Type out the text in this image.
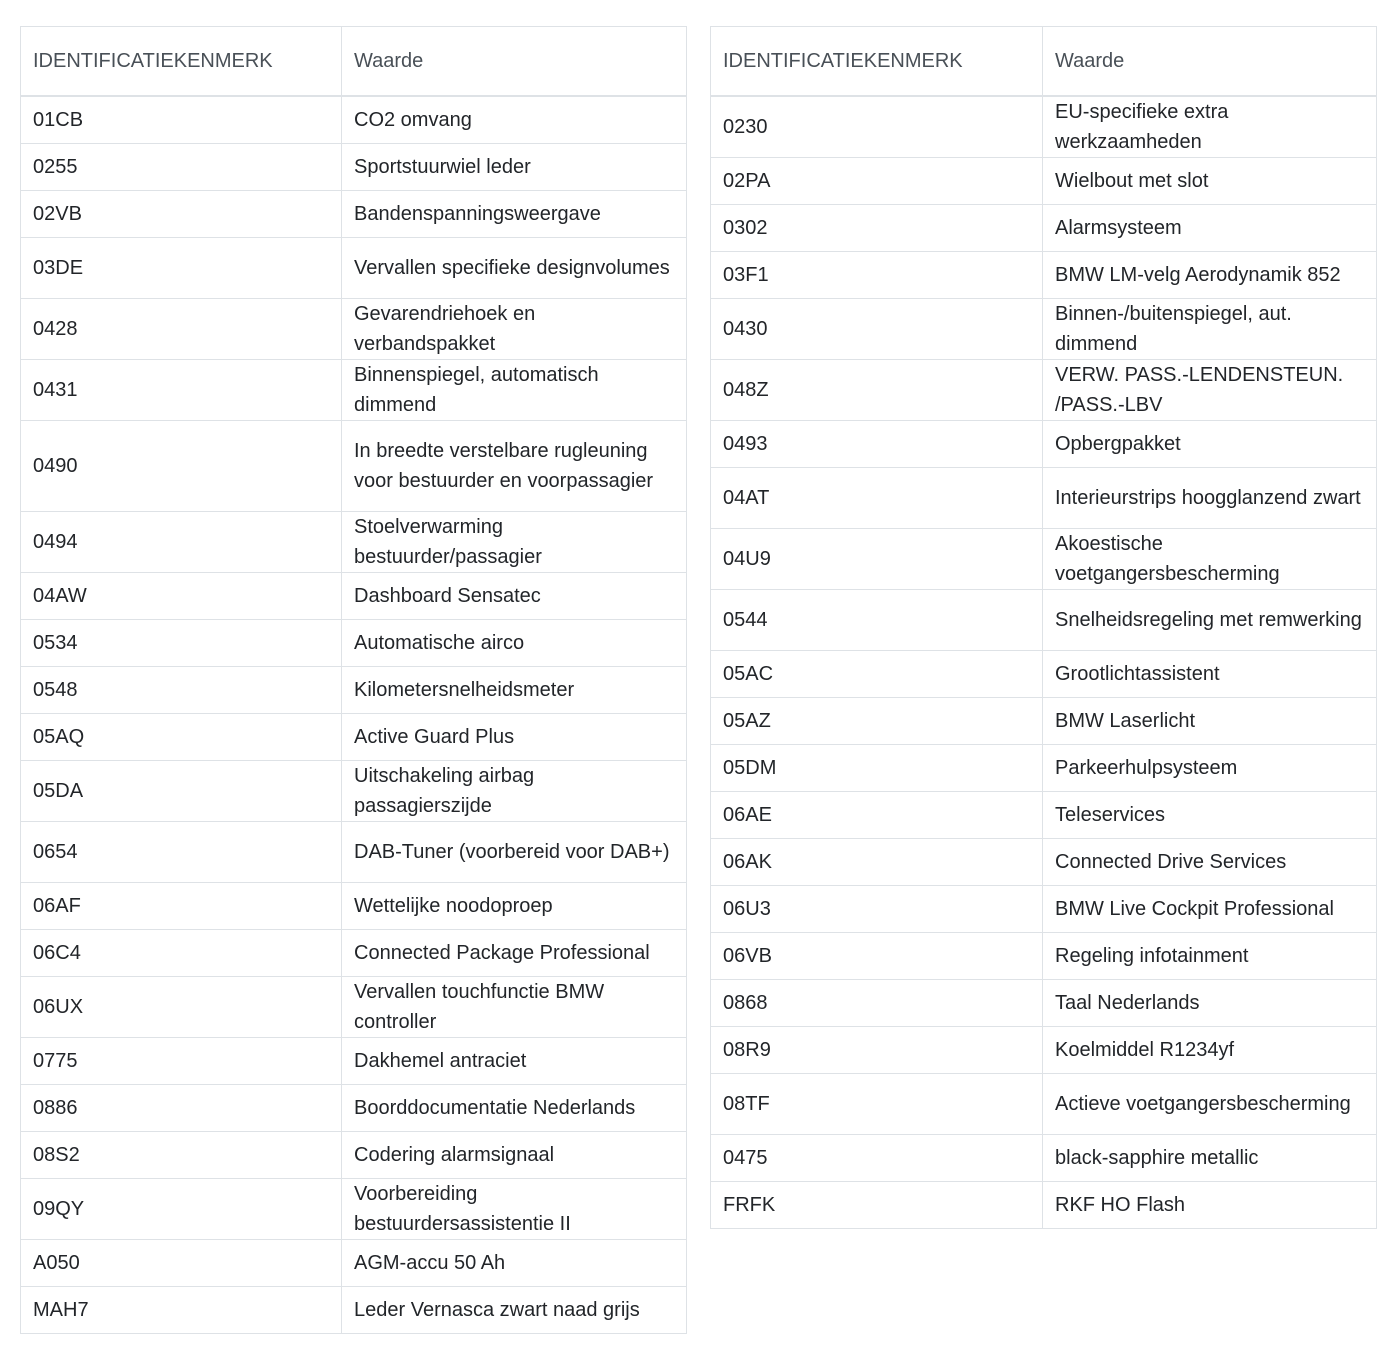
IDENTIFICATIEKENMERK	Waarde
01CB	CO2 omvang
0255	Sportstuurwiel leder
02VB	Bandenspanningsweergave
03DE	Vervallen specifieke designvolumes
0428	Gevarendriehoek en verbandspakket
0431	Binnenspiegel, automatisch dimmend
0490	In breedte verstelbare rugleuning voor bestuurder en voorpassagier
0494	Stoelverwarming bestuurder/passagier
04AW	Dashboard Sensatec
0534	Automatische airco
0548	Kilometersnelheidsmeter
05AQ	Active Guard Plus
05DA	Uitschakeling airbag passagierszijde
0654	DAB-Tuner (voorbereid voor DAB+)
06AF	Wettelijke noodoproep
06C4	Connected Package Professional
06UX	Vervallen touchfunctie BMW controller
0775	Dakhemel antraciet
0886	Boorddocumentatie Nederlands
08S2	Codering alarmsignaal
09QY	Voorbereiding bestuurdersassistentie II
A050	AGM-accu 50 Ah
MAH7	Leder Vernasca zwart naad grijs
IDENTIFICATIEKENMERK	Waarde
0230	EU-specifieke extra werkzaamheden
02PA	Wielbout met slot
0302	Alarmsysteem
03F1	BMW LM-velg Aerodynamik 852
0430	Binnen-/buitenspiegel, aut. dimmend
048Z	VERW. PASS.-LENDENSTEUN. /PASS.-LBV
0493	Opbergpakket
04AT	Interieurstrips hoogglanzend zwart
04U9	Akoestische voetgangersbescherming
0544	Snelheidsregeling met remwerking
05AC	Grootlichtassistent
05AZ	BMW Laserlicht
05DM	Parkeerhulpsysteem
06AE	Teleservices
06AK	Connected Drive Services
06U3	BMW Live Cockpit Professional
06VB	Regeling infotainment
0868	Taal Nederlands
08R9	Koelmiddel R1234yf
08TF	Actieve voetgangersbescherming
0475	black-sapphire metallic
FRFK	RKF HO Flash
